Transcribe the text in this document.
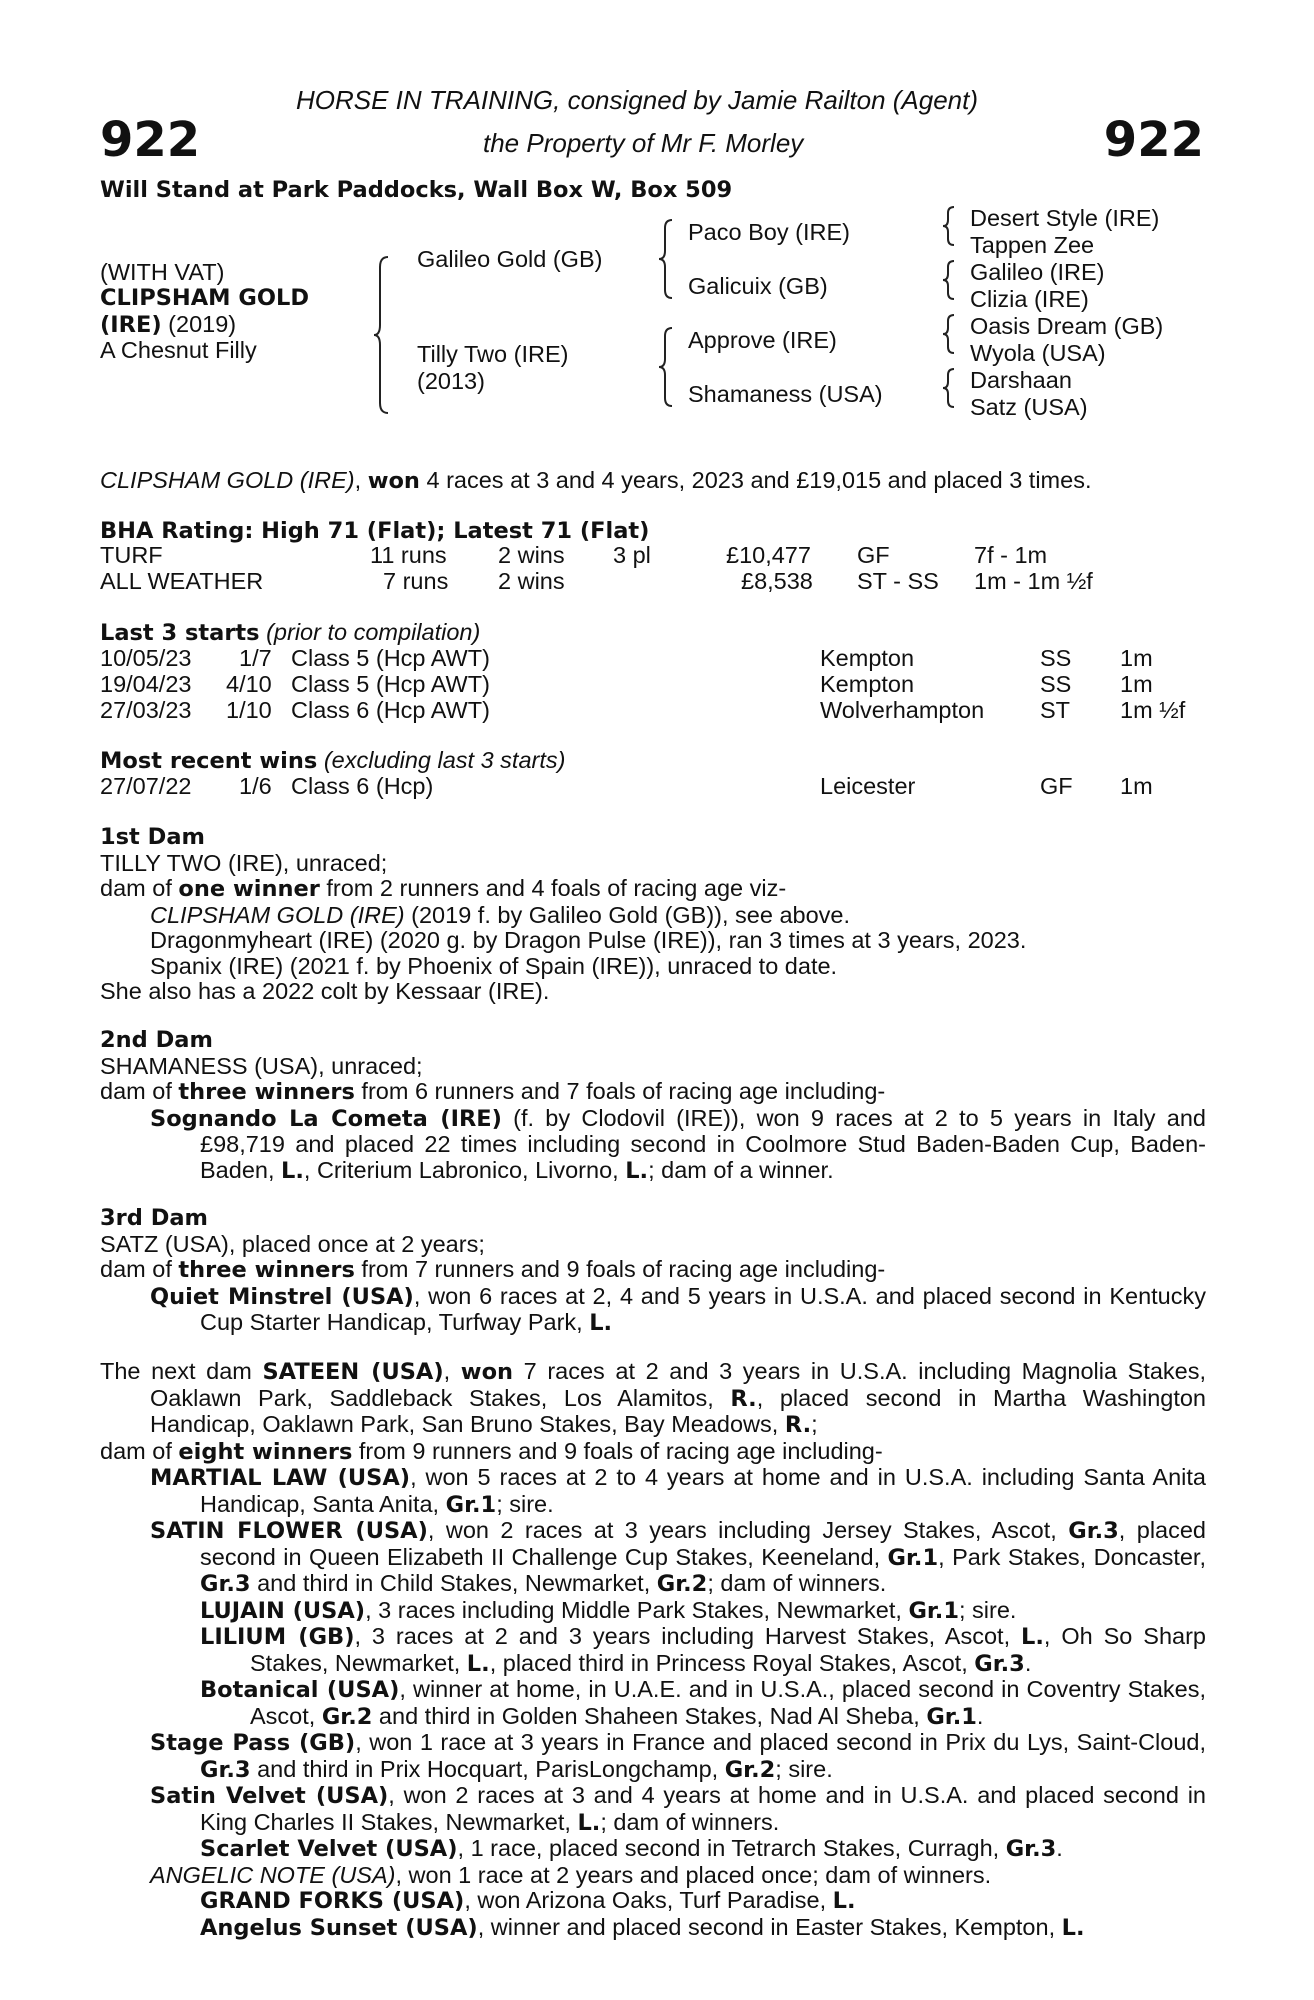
922	922
HORSE IN TRAINING, consigned by Jamie Railton (Agent)
the Property of Mr F. Morley
Will Stand at Park Paddocks, Wall Box W, Box 509
(WITH VAT)
CLIPSHAM GOLD
(IRE) (2019)
A Chesnut Filly
Galileo Gold (GB)
Tilly Two (IRE)
(2013)
Paco Boy (IRE)
Galicuix (GB)
Approve (IRE)
Shamaness (USA)
Desert Style (IRE)
Tappen Zee
Galileo (IRE)
Clizia (IRE)
Oasis Dream (GB)
Wyola (USA)
Darshaan
Satz (USA)
CLIPSHAM GOLD (IRE), won 4 races at 3 and 4 years, 2023 and £19,015 and placed 3 times.
BHA Rating: High 71 (Flat); Latest 71 (Flat)
TURF	11 runs 2 wins 3 pl	£10,477 GF	7f - 1m
ALL WEATHER	7 runs 2 wins	£8,538 ST - SS 1m - 1m ½f
Last 3 starts (prior to compilation)
10/05/23 1/7 Class 5 (Hcp AWT)	Kempton	SS 1m
19/04/23 4/10 Class 5 (Hcp AWT)	Kempton	SS 1m
27/03/23 1/10 Class 6 (Hcp AWT)	Wolverhampton ST 1m ½f
Most recent wins (excluding last 3 starts)
27/07/22 1/6 Class 6 (Hcp)	Leicester	GF 1m
1st Dam
TILLY TWO (IRE), unraced;
dam of one winner from 2 runners and 4 foals of racing age viz-
CLIPSHAM GOLD (IRE) (2019 f. by Galileo Gold (GB)), see above.
Dragonmyheart (IRE) (2020 g. by Dragon Pulse (IRE)), ran 3 times at 3 years, 2023.
Spanix (IRE) (2021 f. by Phoenix of Spain (IRE)), unraced to date.
She also has a 2022 colt by Kessaar (IRE).
2nd Dam
SHAMANESS (USA), unraced;
dam of three winners from 6 runners and 7 foals of racing age including-
Sognando La Cometa (IRE) (f. by Clodovil (IRE)), won 9 races at 2 to 5 years in Italy and £98,719 and placed 22 times including second in Coolmore Stud Baden-Baden Cup, Baden-Baden, L., Criterium Labronico, Livorno, L.; dam of a winner.
3rd Dam
SATZ (USA), placed once at 2 years;
dam of three winners from 7 runners and 9 foals of racing age including-
Quiet Minstrel (USA), won 6 races at 2, 4 and 5 years in U.S.A. and placed second in Kentucky Cup Starter Handicap, Turfway Park, L.
The next dam SATEEN (USA), won 7 races at 2 and 3 years in U.S.A. including Magnolia Stakes, Oaklawn Park, Saddleback Stakes, Los Alamitos, R., placed second in Martha Washington Handicap, Oaklawn Park, San Bruno Stakes, Bay Meadows, R.;
dam of eight winners from 9 runners and 9 foals of racing age including-
MARTIAL LAW (USA), won 5 races at 2 to 4 years at home and in U.S.A. including Santa Anita Handicap, Santa Anita, Gr.1; sire.
SATIN FLOWER (USA), won 2 races at 3 years including Jersey Stakes, Ascot, Gr.3, placed second in Queen Elizabeth II Challenge Cup Stakes, Keeneland, Gr.1, Park Stakes, Doncaster, Gr.3 and third in Child Stakes, Newmarket, Gr.2; dam of winners.
LUJAIN (USA), 3 races including Middle Park Stakes, Newmarket, Gr.1; sire.
LILIUM (GB), 3 races at 2 and 3 years including Harvest Stakes, Ascot, L., Oh So Sharp Stakes, Newmarket, L., placed third in Princess Royal Stakes, Ascot, Gr.3.
Botanical (USA), winner at home, in U.A.E. and in U.S.A., placed second in Coventry Stakes, Ascot, Gr.2 and third in Golden Shaheen Stakes, Nad Al Sheba, Gr.1.
Stage Pass (GB), won 1 race at 3 years in France and placed second in Prix du Lys, Saint-Cloud, Gr.3 and third in Prix Hocquart, ParisLongchamp, Gr.2; sire.
Satin Velvet (USA), won 2 races at 3 and 4 years at home and in U.S.A. and placed second in King Charles II Stakes, Newmarket, L.; dam of winners.
Scarlet Velvet (USA), 1 race, placed second in Tetrarch Stakes, Curragh, Gr.3.
ANGELIC NOTE (USA), won 1 race at 2 years and placed once; dam of winners.
GRAND FORKS (USA), won Arizona Oaks, Turf Paradise, L.
Angelus Sunset (USA), winner and placed second in Easter Stakes, Kempton, L.
